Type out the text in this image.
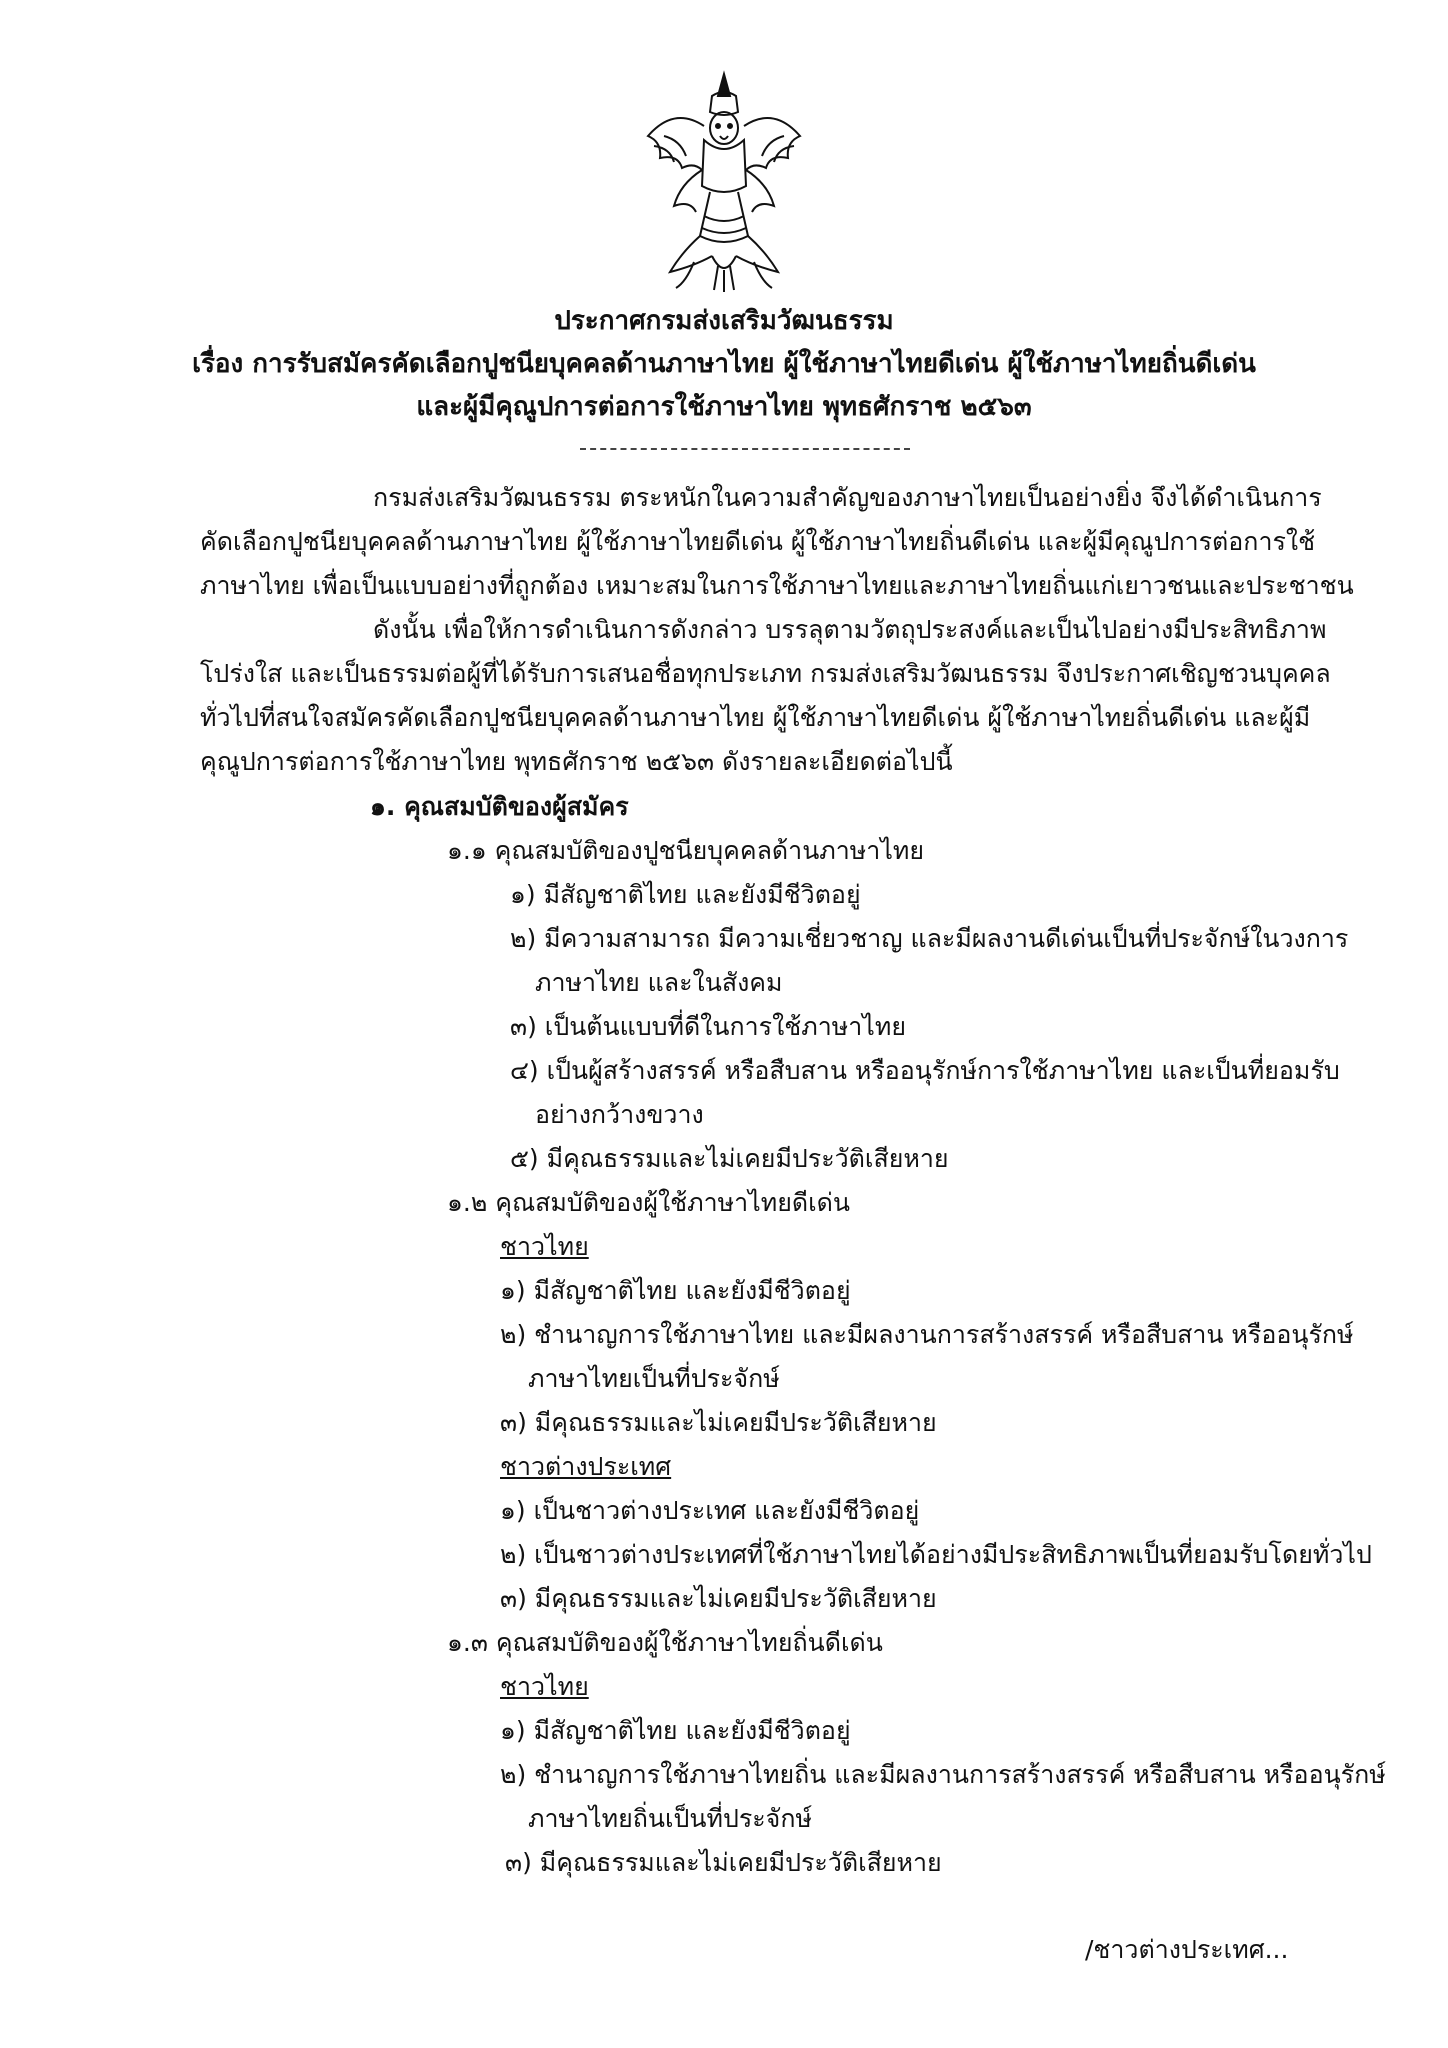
ประกาศกรมส่งเสริมวัฒนธรรม
เรื่อง การรับสมัครคัดเลือกปูชนียบุคคลด้านภาษาไทย ผู้ใช้ภาษาไทยดีเด่น ผู้ใช้ภาษาไทยถิ่นดีเด่น
และผู้มีคุณูปการต่อการใช้ภาษาไทย พุทธศักราช ๒๕๖๓
กรมส่งเสริมวัฒนธรรม ตระหนักในความสำคัญของภาษาไทยเป็นอย่างยิ่ง จึงได้ดำเนินการ
คัดเลือกปูชนียบุคคลด้านภาษาไทย ผู้ใช้ภาษาไทยดีเด่น ผู้ใช้ภาษาไทยถิ่นดีเด่น และผู้มีคุณูปการต่อการใช้
ภาษาไทย เพื่อเป็นแบบอย่างที่ถูกต้อง เหมาะสมในการใช้ภาษาไทยและภาษาไทยถิ่นแก่เยาวชนและประชาชน
ดังนั้น เพื่อให้การดำเนินการดังกล่าว บรรลุตามวัตถุประสงค์และเป็นไปอย่างมีประสิทธิภาพ
โปร่งใส และเป็นธรรมต่อผู้ที่ได้รับการเสนอชื่อทุกประเภท กรมส่งเสริมวัฒนธรรม จึงประกาศเชิญชวนบุคคล
ทั่วไปที่สนใจสมัครคัดเลือกปูชนียบุคคลด้านภาษาไทย ผู้ใช้ภาษาไทยดีเด่น ผู้ใช้ภาษาไทยถิ่นดีเด่น และผู้มี
คุณูปการต่อการใช้ภาษาไทย พุทธศักราช ๒๕๖๓ ดังรายละเอียดต่อไปนี้
๑. คุณสมบัติของผู้สมัคร
๑.๑ คุณสมบัติของปูชนียบุคคลด้านภาษาไทย
๑) มีสัญชาติไทย และยังมีชีวิตอยู่
๒) มีความสามารถ มีความเชี่ยวชาญ และมีผลงานดีเด่นเป็นที่ประจักษ์ในวงการ
ภาษาไทย และในสังคม
๓) เป็นต้นแบบที่ดีในการใช้ภาษาไทย
๔) เป็นผู้สร้างสรรค์ หรือสืบสาน หรืออนุรักษ์การใช้ภาษาไทย และเป็นที่ยอมรับ
อย่างกว้างขวาง
๕) มีคุณธรรมและไม่เคยมีประวัติเสียหาย
๑.๒ คุณสมบัติของผู้ใช้ภาษาไทยดีเด่น
ชาวไทย
๑) มีสัญชาติไทย และยังมีชีวิตอยู่
๒) ชำนาญการใช้ภาษาไทย และมีผลงานการสร้างสรรค์ หรือสืบสาน หรืออนุรักษ์
ภาษาไทยเป็นที่ประจักษ์
๓) มีคุณธรรมและไม่เคยมีประวัติเสียหาย
ชาวต่างประเทศ
๑) เป็นชาวต่างประเทศ และยังมีชีวิตอยู่
๒) เป็นชาวต่างประเทศที่ใช้ภาษาไทยได้อย่างมีประสิทธิภาพเป็นที่ยอมรับโดยทั่วไป
๓) มีคุณธรรมและไม่เคยมีประวัติเสียหาย
๑.๓ คุณสมบัติของผู้ใช้ภาษาไทยถิ่นดีเด่น
ชาวไทย
๑) มีสัญชาติไทย และยังมีชีวิตอยู่
๒) ชำนาญการใช้ภาษาไทยถิ่น และมีผลงานการสร้างสรรค์ หรือสืบสาน หรืออนุรักษ์
ภาษาไทยถิ่นเป็นที่ประจักษ์
๓) มีคุณธรรมและไม่เคยมีประวัติเสียหาย
/ชาวต่างประเทศ...
